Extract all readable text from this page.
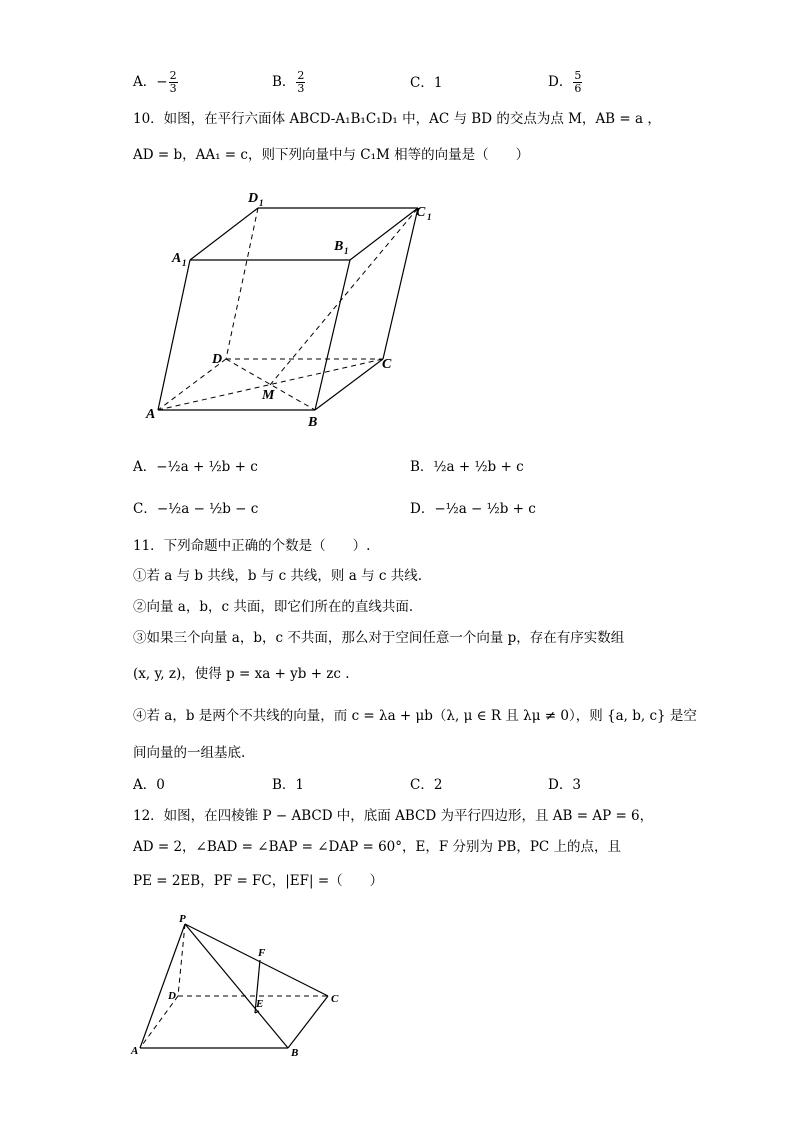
A．− $\frac{2}{3}$	B． $\frac{2}{3}$	C．1	D． $\frac{5}{6}$
10．如图，在平行六面体 ABCD-A₁B₁C₁D₁ 中，AC 与 BD 的交点为点 M，AB = a ，
AD = b，AA₁ = c，则下列向量中与 C₁M 相等的向量是（　　）
D 1
C 1
A 1
B 1
D	C
M
A
B
A．−½a + ½b + c	B．½a + ½b + c
C．−½a − ½b − c	D．−½a − ½b + c
11．下列命题中正确的个数是（　　）.
①若 a 与 b 共线，b 与 c 共线，则 a 与 c 共线.
②向量 a，b，c 共面，即它们所在的直线共面.
③如果三个向量 a，b，c 不共面，那么对于空间任意一个向量 p，存在有序实数组
(x, y, z)，使得 p = xa + yb + zc .
④若 a，b 是两个不共线的向量，而 c = λa + μb（λ, μ ∈ R 且 λμ ≠ 0），则 {a, b, c} 是空
间向量的一组基底.
A．0	B．1	C．2	D．3
12．如图，在四棱锥 P − ABCD 中，底面 ABCD 为平行四边形，且 AB = AP = 6，
AD = 2，∠BAD = ∠BAP = ∠DAP = 60°，E，F 分别为 PB，PC 上的点，且
PE = 2EB，PF = FC，|EF| =（　　）
P
F
D
E	C
A	B
